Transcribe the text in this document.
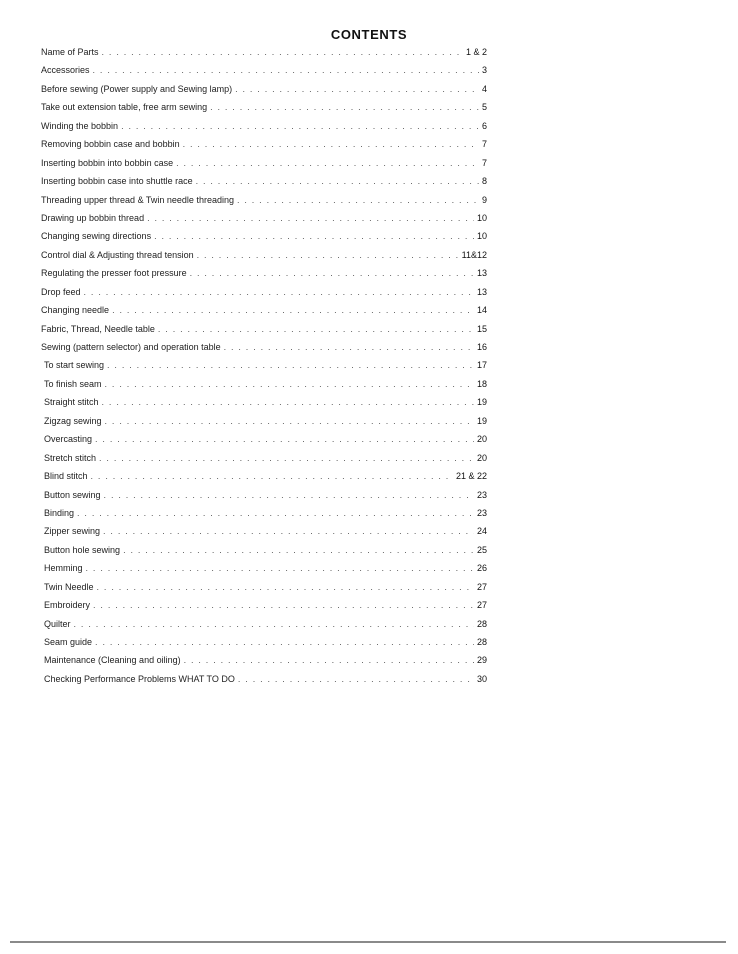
CONTENTS
Name of Parts . . .	1 & 2
Accessories . . .	3
Before sewing (Power supply and Sewing lamp) . . .	4
Take out extension table, free arm sewing . . .	5
Winding the bobbin . . .	6
Removing bobbin case and bobbin . . .	7
Inserting bobbin into bobbin case . . .	7
Inserting bobbin case into shuttle race . . .	8
Threading upper thread & Twin needle threading . . .	9
Drawing up bobbin thread . . .	10
Changing sewing directions . . .	10
Control dial & Adjusting thread tension . . .	11&12
Regulating the presser foot pressure . . .	13
Drop feed . . .	13
Changing needle . . .	14
Fabric, Thread, Needle table . . .	15
Sewing (pattern selector) and operation table . . .	16
To start sewing . . .	17
To finish seam . . .	18
Straight stitch . . .	19
Zigzag sewing . . .	19
Overcasting . . .	20
Stretch stitch . . .	20
Blind stitch . . .	21 & 22
Button sewing . . .	23
Binding . . .	23
Zipper sewing . . .	24
Button hole sewing . . .	25
Hemming . . .	26
Twin Needle . . .	27
Embroidery . . .	27
Quilter . . .	28
Seam guide . . .	28
Maintenance (Cleaning and oiling) . . .	29
Checking Performance Problems WHAT TO DO . . .	30
